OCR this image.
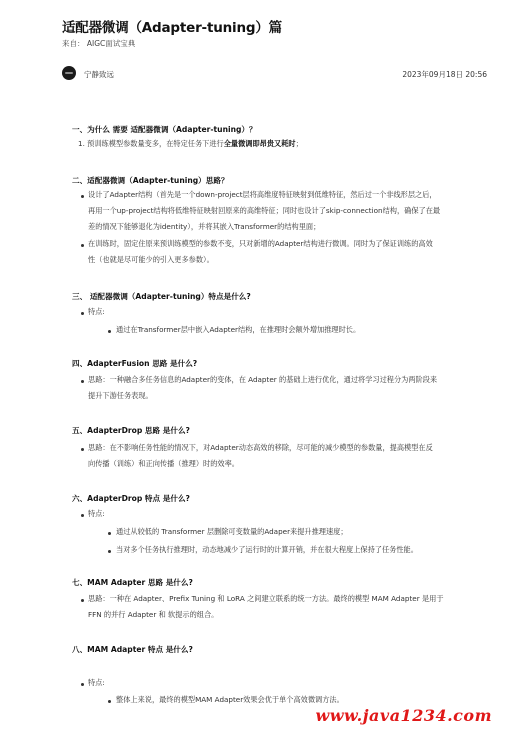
适配器微调（Adapter-tuning）篇
来自： AIGC面试宝典
宁静致远	2023年09月18日 20:56
一、为什么 需要 适配器微调（Adapter-tuning）？
1. 预训练模型参数量变多，在特定任务下进行全量微调即昂贵又耗时；
二、适配器微调（Adapter-tuning）思路？
设计了Adapter结构（首先是一个down-project层将高维度特征映射到低维特征，然后过一个非线形层之后，
再用一个up-project结构将低维特征映射回原来的高维特征；同时也设计了skip-connection结构，确保了在最
差的情况下能够退化为identity），并将其嵌入Transformer的结构里面；
在训练时，固定住原来预训练模型的参数不变，只对新增的Adapter结构进行微调。同时为了保证训练的高效
性（也就是尽可能少的引入更多参数）。
三、 适配器微调（Adapter-tuning）特点是什么?
特点:
通过在Transformer层中嵌入Adapter结构，在推理时会额外增加推理时长。
四、AdapterFusion 思路 是什么?
思路：一种融合多任务信息的Adapter的变体，在 Adapter 的基础上进行优化，通过将学习过程分为两阶段来
提升下游任务表现。
五、AdapterDrop 思路 是什么?
思路：在不影响任务性能的情况下，对Adapter动态高效的移除，尽可能的减少模型的参数量，提高模型在反
向传播（训练）和正向传播（推理）时的效率。
六、AdapterDrop 特点 是什么?
特点:
通过从较低的 Transformer 层删除可变数量的Adaper来提升推理速度；
当对多个任务执行推理时，动态地减少了运行时的计算开销，并在很大程度上保持了任务性能。
七、MAM Adapter 思路 是什么?
思路：一种在 Adapter、Prefix Tuning 和 LoRA 之间建立联系的统一方法。最终的模型 MAM Adapter 是用于
FFN 的并行 Adapter 和 软提示的组合。
八、MAM Adapter 特点 是什么?
特点:
整体上来说，最终的模型MAM Adapter效果会优于单个高效微调方法。
www.java1234.com
